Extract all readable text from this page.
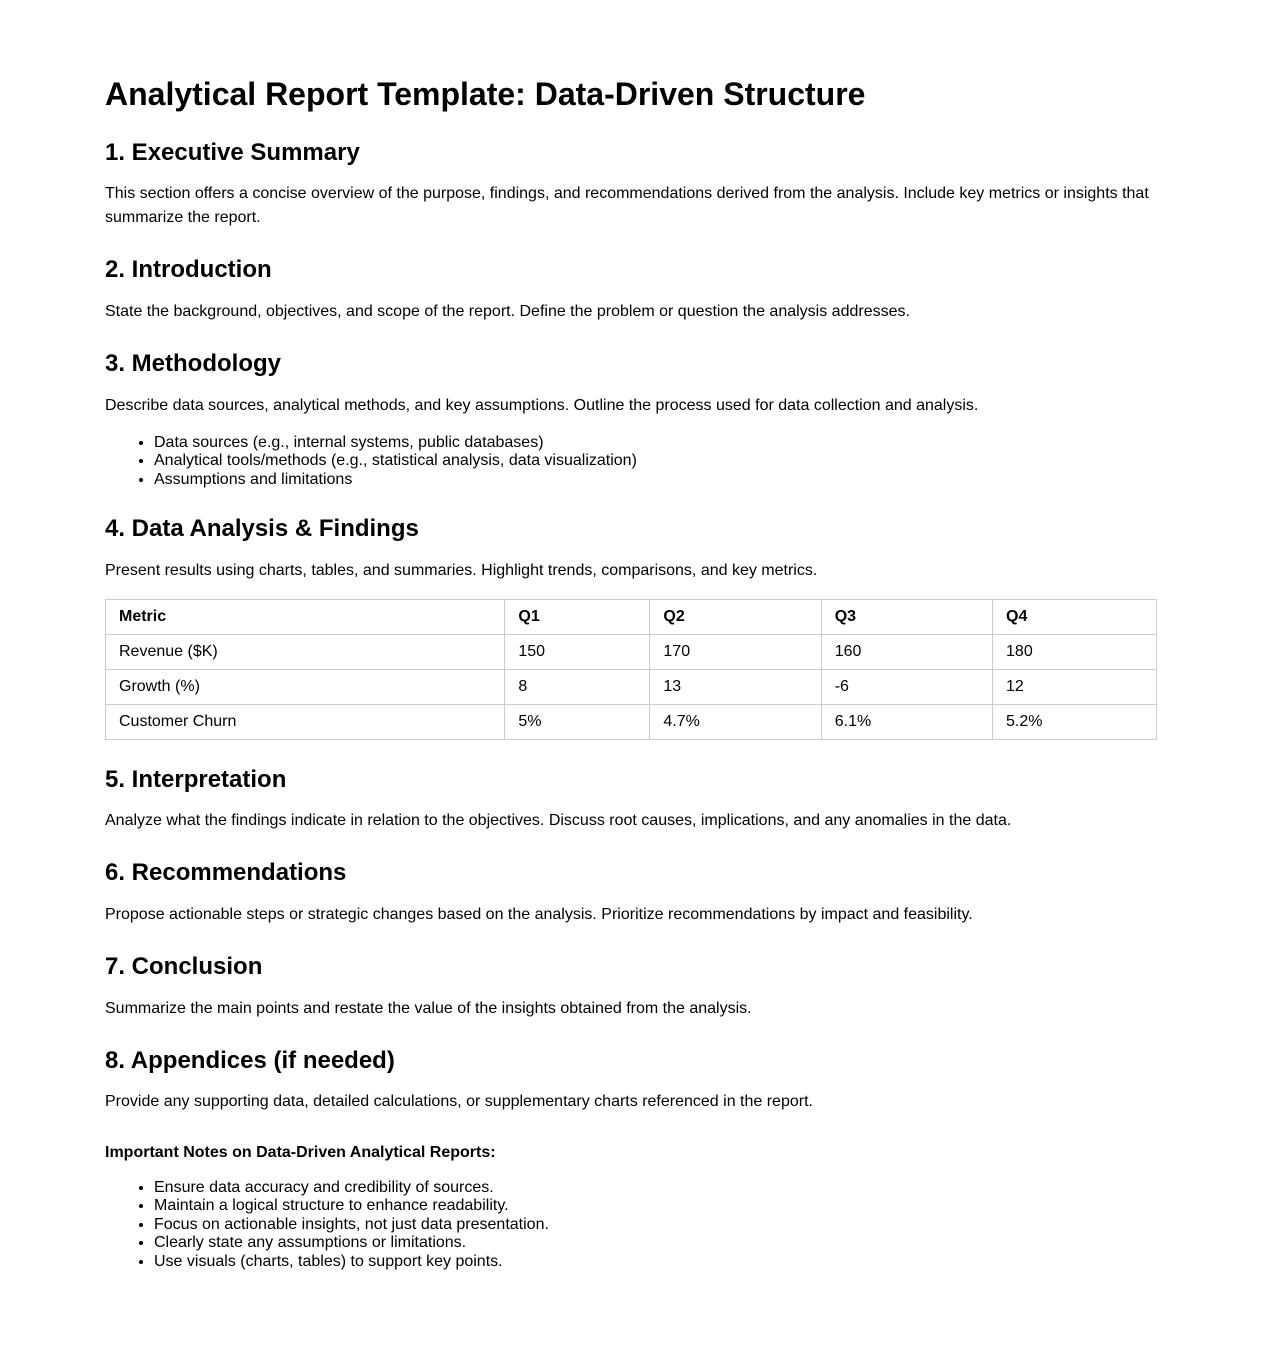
Analytical Report Template: Data-Driven Structure
1. Executive Summary

This section offers a concise overview of the purpose, findings, and recommendations derived from the analysis. Include key metrics or insights that summarize the report.

2. Introduction

State the background, objectives, and scope of the report. Define the problem or question the analysis addresses.

3. Methodology

Describe data sources, analytical methods, and key assumptions. Outline the process used for data collection and analysis.

• Data sources (e.g., internal systems, public databases)
• Analytical tools/methods (e.g., statistical analysis, data visualization)
• Assumptions and limitations
4. Data Analysis & Findings

Present results using charts, tables, and summaries. Highlight trends, comparisons, and key metrics.

Metric	Q1	Q2	Q3	Q4
Revenue ($K)	150	170	160	180
Growth (%)	8	13	-6	12
Customer Churn	5%	4.7%	6.1%	5.2%
5. Interpretation

Analyze what the findings indicate in relation to the objectives. Discuss root causes, implications, and any anomalies in the data.

6. Recommendations

Propose actionable steps or strategic changes based on the analysis. Prioritize recommendations by impact and feasibility.

7. Conclusion

Summarize the main points and restate the value of the insights obtained from the analysis.

8. Appendices (if needed)

Provide any supporting data, detailed calculations, or supplementary charts referenced in the report.

Important Notes on Data-Driven Analytical Reports:
• Ensure data accuracy and credibility of sources.
• Maintain a logical structure to enhance readability.
• Focus on actionable insights, not just data presentation.
• Clearly state any assumptions or limitations.
• Use visuals (charts, tables) to support key points.
